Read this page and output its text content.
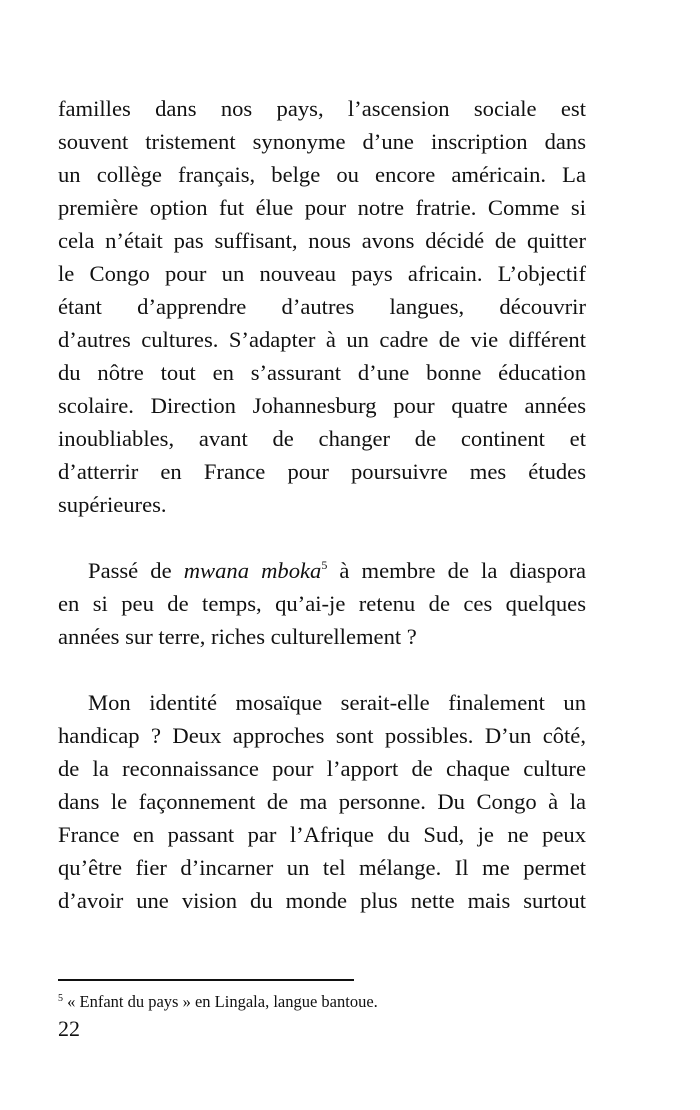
familles dans nos pays, l’ascension sociale est
souvent tristement synonyme d’une inscription dans
un collège français, belge ou encore américain. La
première option fut élue pour notre fratrie. Comme si
cela n’était pas suffisant, nous avons décidé de quitter
le Congo pour un nouveau pays africain. L’objectif
étant d’apprendre d’autres langues, découvrir
d’autres cultures. S’adapter à un cadre de vie différent
du nôtre tout en s’assurant d’une bonne éducation
scolaire. Direction Johannesburg pour quatre années
inoubliables, avant de changer de continent et
d’atterrir en France pour poursuivre mes études
supérieures.
Passé de mwana mboka$^5$ à membre de la diaspora
en si peu de temps, qu’ai-je retenu de ces quelques
années sur terre, riches culturellement ?
Mon identité mosaïque serait-elle finalement un
handicap ? Deux approches sont possibles. D’un côté,
de la reconnaissance pour l’apport de chaque culture
dans le façonnement de ma personne. Du Congo à la
France en passant par l’Afrique du Sud, je ne peux
qu’être fier d’incarner un tel mélange. Il me permet
d’avoir une vision du monde plus nette mais surtout
$^5$ « Enfant du pays » en Lingala, langue bantoue.
22
